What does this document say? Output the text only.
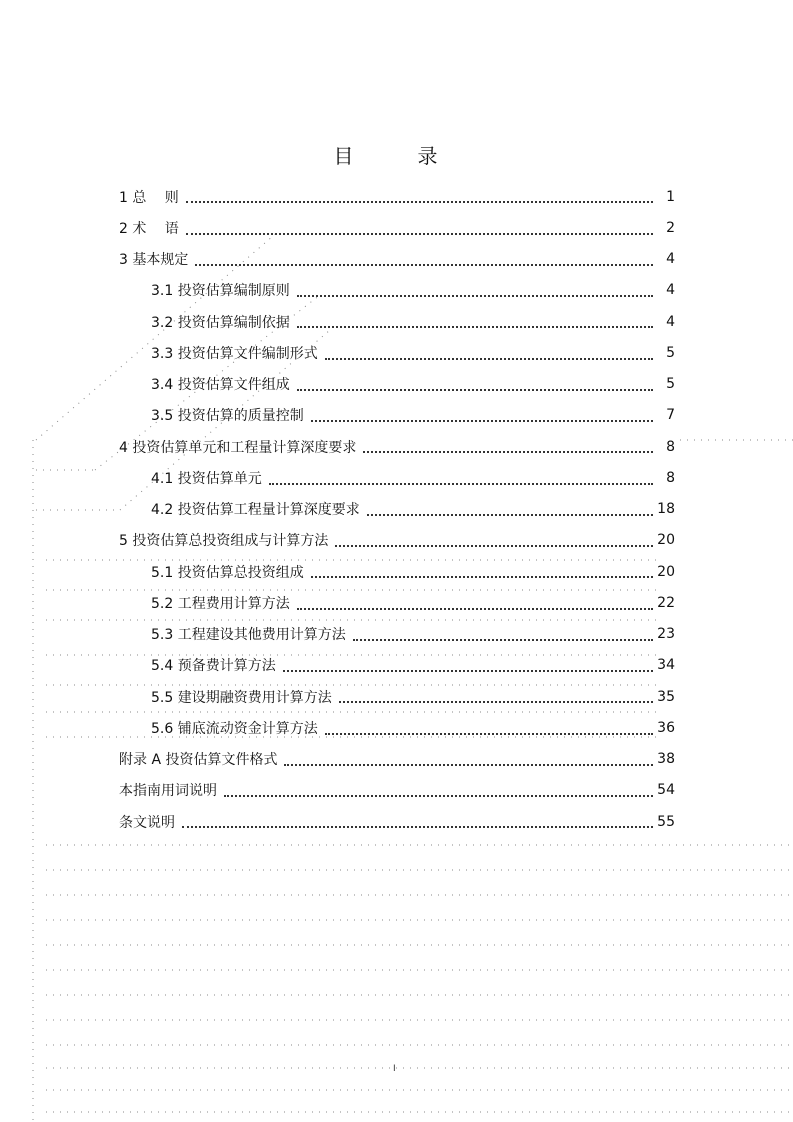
目　录
1 总　 则	1
2 术　 语	2
3 基本规定	4
3.1 投资估算编制原则	4
3.2 投资估算编制依据	4
3.3 投资估算文件编制形式	5
3.4 投资估算文件组成	5
3.5 投资估算的质量控制	7
4 投资估算单元和工程量计算深度要求	8
4.1 投资估算单元	8
4.2 投资估算工程量计算深度要求	18
5 投资估算总投资组成与计算方法	20
5.1 投资估算总投资组成	20
5.2 工程费用计算方法	22
5.3 工程建设其他费用计算方法	23
5.4 预备费计算方法	34
5.5 建设期融资费用计算方法	35
5.6 铺底流动资金计算方法	36
附录 A 投资估算文件格式	38
本指南用词说明	54
条文说明	55
I
